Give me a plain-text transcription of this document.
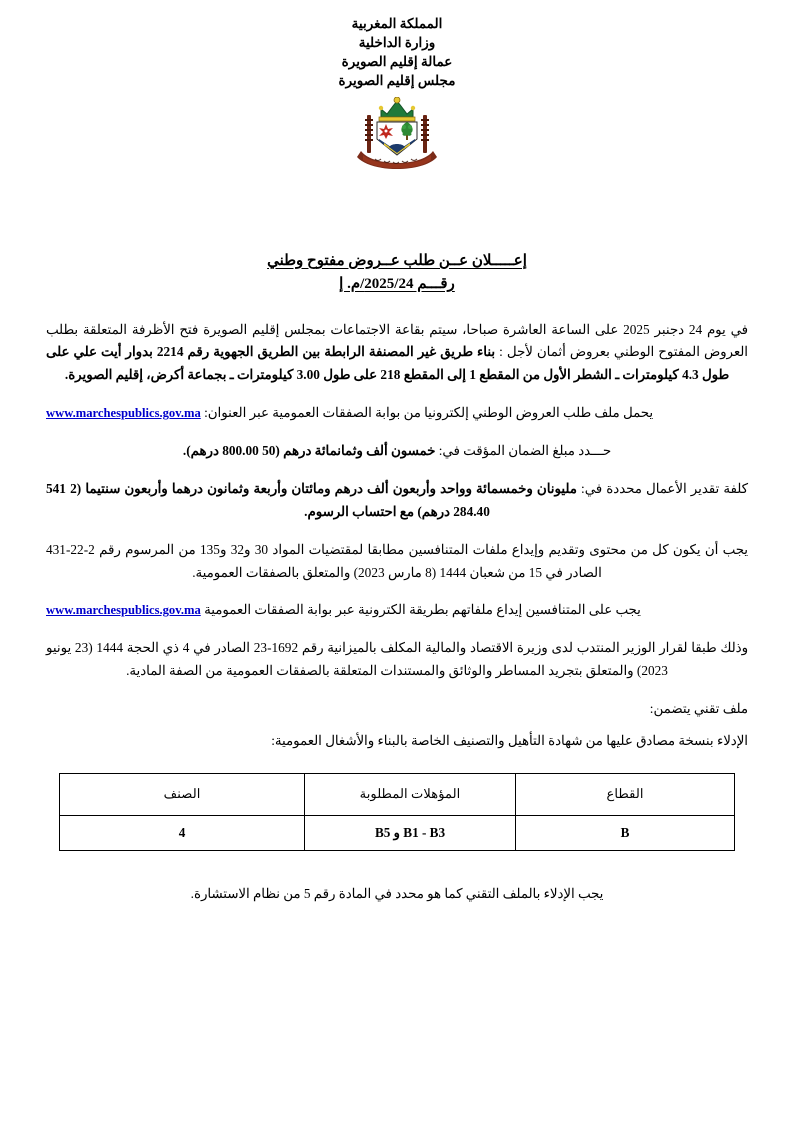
المملكة المغربية
وزارة الداخلية
عمالة إقليم الصويرة
مجلس إقليم الصويرة
إعـــــلان عــن طلب عــروض مفتوح وطني
رقـــم 2025/24/م. إ

في يوم 24 دجنبر 2025 على الساعة العاشرة صباحا، سيتم بقاعة الاجتماعات بمجلس إقليم الصويرة فتح الأظرفة المتعلقة بطلب العروض المفتوح الوطني بعروض أثمان لأجل : بناء طريق غير المصنفة الرابطة بين الطريق الجهوية رقم 2214 بدوار أيت علي على طول 4.3 كيلومترات ـ الشطر الأول من المقطع 1 إلى المقطع 218 على طول 3.00 كيلومترات ـ بجماعة أكرض، إقليم الصويرة.

يحمل ملف طلب العروض الوطني إلكترونيا من بوابة الصفقات العمومية عبر العنوان: www.marchespublics.gov.ma

حـــدد مبلغ الضمان المؤقت في: خمسون ألف وثمانمائة درهم (50 800.00 درهم).

كلفة تقدير الأعمال محددة في: مليونان وخمسمائة وواحد وأربعون ألف درهم ومائتان وأربعة وثمانون درهما وأربعون سنتيما (2 541 284.40 درهم) مع احتساب الرسوم.

يجب أن يكون كل من محتوى وتقديم وإيداع ملفات المتنافسين مطابقا لمقتضيات المواد 30 و32 و135 من المرسوم رقم 2-22-431 الصادر في 15 من شعبان 1444 (8 مارس 2023) والمتعلق بالصفقات العمومية.

يجب على المتنافسين إيداع ملفاتهم بطريقة الكترونية عبر بوابة الصفقات العمومية www.marchespublics.gov.ma

وذلك طبقا لقرار الوزير المنتدب لدى وزيرة الاقتصاد والمالية المكلف بالميزانية رقم 1692-23 الصادر في 4 ذي الحجة 1444 (23 يونيو 2023) والمتعلق بتجريد المساطر والوثائق والمستندات المتعلقة بالصفقات العمومية من الصفة المادية.

ملف تقني يتضمن:

الإدلاء بنسخة مصادق عليها من شهادة التأهيل والتصنيف الخاصة بالبناء والأشغال العمومية:

القطاع	المؤهلات المطلوبة	الصنف
B	B1 - B3 و B5	4
يجب الإدلاء بالملف التقني كما هو محدد في المادة رقم 5 من نظام الاستشارة.
